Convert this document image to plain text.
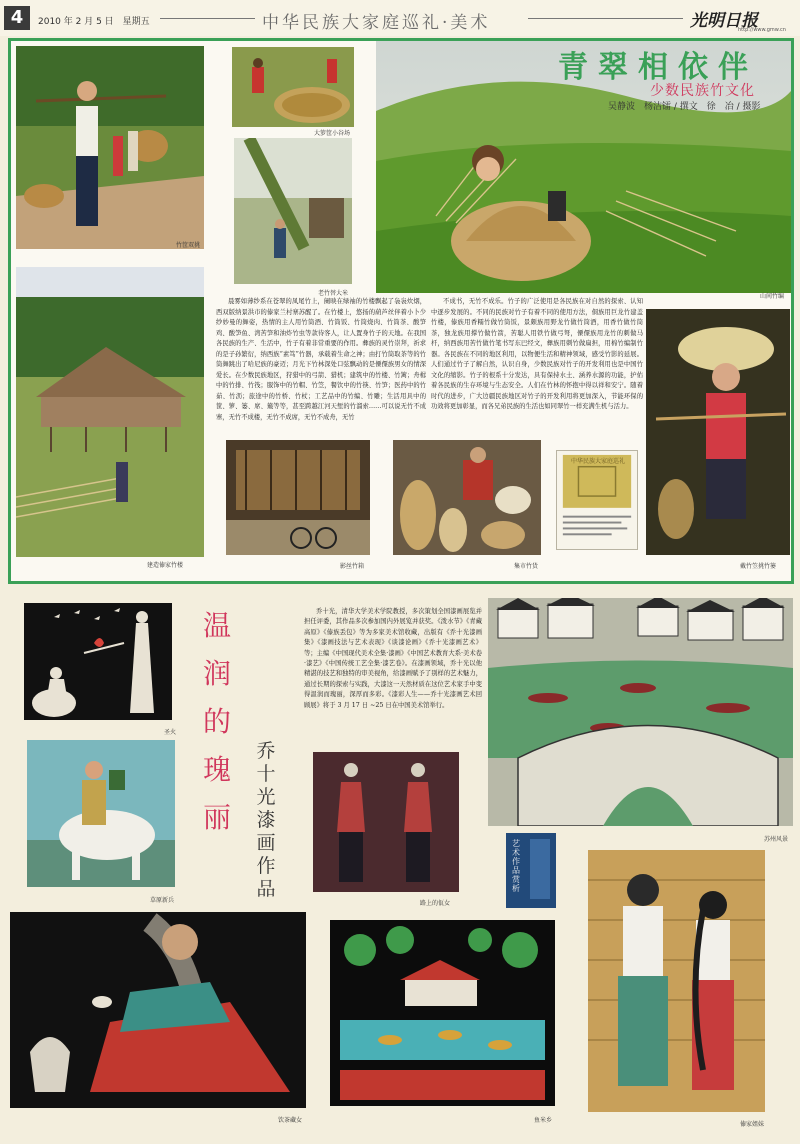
4	2010 年 2 月 5 日　星期五	中华民族大家庭巡礼·美术	光明日报
http://www.gmw.cn
青翠相依伴
少数民族竹文化
吴静波　杨洁镭 / 撰文　徐　冶 / 摄影
山间竹编
竹筐双挑
大箩筐小谷场
老竹替大米
建造傣家竹楼
晨雾如薄纱系在苍翠的凤尾竹上，阑映在绿袖的竹楼飘起了袅袅炊烟，西双版纳景洪市的傣家兰村寨苏醒了。在竹楼上，悠扬的葫芦丝伴着小卜少纱妙曼的舞姿，热情的主人用竹筒酒、竹筒饭、竹筒烧肉、竹筒茶、酸笋鸡、酸笋鱼、湾苦笋和油炸竹虫等款待客人，让人置身竹子的天地。在我国各民族的生产、生活中，竹子有着非常重要的作用。彝族的灵竹崇拜，祈求的是子孙繁衍，纳西族“素笃”竹器，承载着生命之神；由打竹筒取茶等的竹筒舞跳出了哈尼族的豪迈；月光下竹林深处口弦飘动的是傈僳族男女的情深爱长。在少数民族地区，狩猎中的弓箭、猎机；建筑中的竹楼、竹篱；舟楫中的竹排、竹筏；服饰中的竹帽、竹笠，餐饮中的竹筷、竹笋；医药中的竹茹、竹沥；旅途中的竹桥、竹杖；工艺品中的竹编、竹雕；生活用具中的筐、箩、篓、席、簸等等，甚至跨越江河天堑的竹溜索……可以说无竹不成寨，无竹不成楼，无竹不成席，无竹不成舟，无竹
不成书，无竹不成乐。竹子的广泛使用是各民族在对自然的探索、认知中逐步发展的。不同的民族对竹子有着不同的使用方法，侗族用巨龙竹建盖竹楼，傣族用香糯竹做竹筒饭，景颇族用野龙竹做竹筒酒，用香竹做竹筒茶，独龙族用撑竹做竹箭，苦聪人用铁竹做弓弩，傈僳族用龙竹的刺做马杆，纳西族用苦竹做竹笔书写东巴经文，彝族用刺竹做扁担，用棉竹编制竹器。各民族在不同的地区利用，以物便生活和精神领域，感受竹影的延展。人们通过竹子了解自然，认识自身，少数民族对竹子的开发利用也是中国竹文化的缩影。竹子的根系十分发达，具有保持水土、涵养水源的功能，护佑着各民族的生存环境与生态安全。人们在竹林的怀抱中得以祥和安宁。随着时代的进步，广大边疆民族地区对竹子的开发利用将更加深入，节能环保的功效将更加彰显，而各兄弟民族的生活也如同翠竹一样充满生机与活力。
戴竹笠挑竹篓
影丝竹箱	集市竹货
中华民族大家庭巡礼
温
润
的
瑰
丽
乔
十
光
漆
画
作
品
乔十光，清华大学美术学院教授，多次策划全国漆画展览并担任评委，其作品多次参加国内外展览并获奖。《泼水节》《青藏高原》《傣族丢包》等为多家美术馆收藏，出版有《乔十光漆画集》《漆画技法与艺术表现》《谈漆论画》《乔十光漆画艺术》等；主编《中国现代美术全集·漆画》《中国艺术教育大系·美术卷·漆艺》《中国传统工艺全集·漆艺卷》。在漆画领域，乔十光以他精湛的技艺和独特的审美视角，给漆画赋予了别样的艺术魅力，通过长期的探索与实践，大漆这一天然材质在这位艺术家手中变得温润而瑰丽，深厚而多彩。《漆彩人生——乔十光漆画艺术回顾展》将于 3 月 17 日 ~25 日在中国美术馆举行。
圣火
草原新兵	路上的佤女
艺术作品赏析
苏州风景
傣家姐妹
饮茶藏女	鱼米乡
